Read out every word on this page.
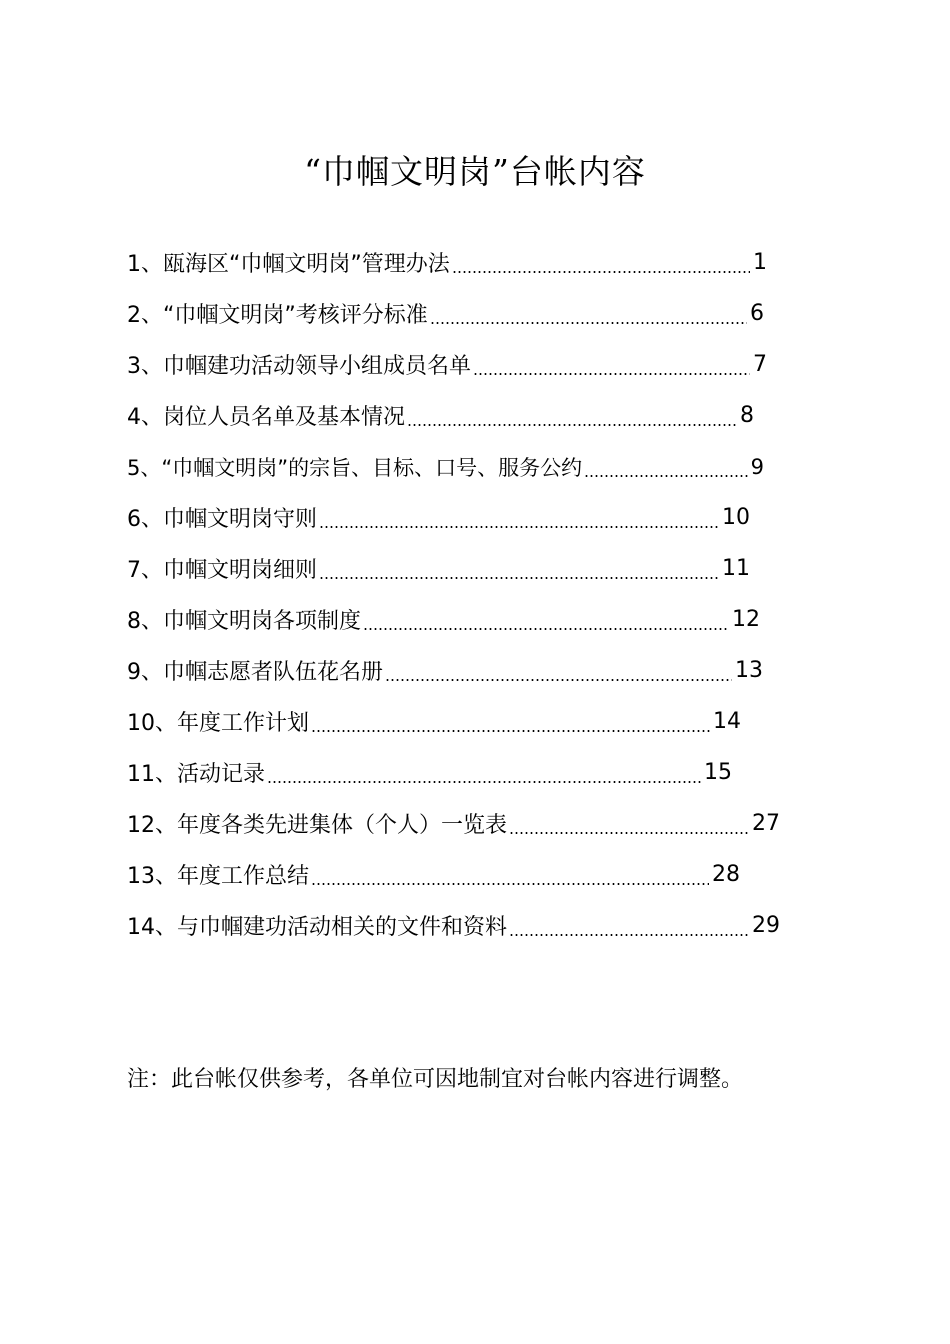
“巾帼文明岗”台帐内容
1、瓯海区“巾帼文明岗”管理办法	1
2、“巾帼文明岗”考核评分标准	6
3、巾帼建功活动领导小组成员名单	7
4、岗位人员名单及基本情况	8
5、“巾帼文明岗”的宗旨、目标、口号、服务公约	9
6、巾帼文明岗守则	10
7、巾帼文明岗细则	11
8、巾帼文明岗各项制度	12
9、巾帼志愿者队伍花名册	13
10、年度工作计划	14
11、活动记录	15
12、年度各类先进集体（个人）一览表	27
13、年度工作总结	28
14、与巾帼建功活动相关的文件和资料	29
注：此台帐仅供参考，各单位可因地制宜对台帐内容进行调整。
